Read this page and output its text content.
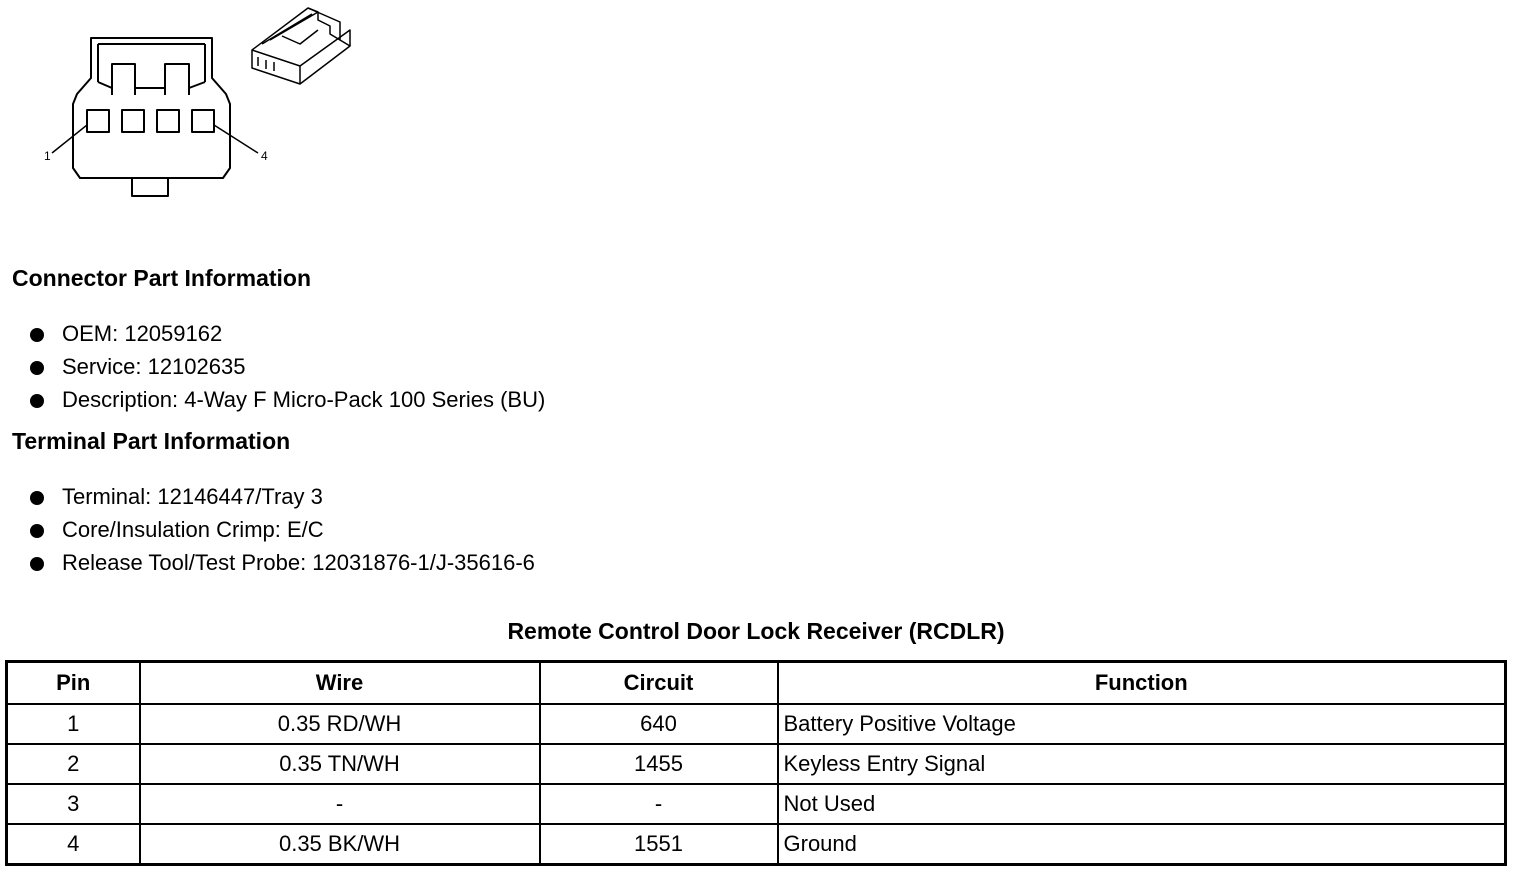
1	4
Connector Part Information
OEM: 12059162
Service: 12102635
Description: 4-Way F Micro-Pack 100 Series (BU)
Terminal Part Information
Terminal: 12146447/Tray 3
Core/Insulation Crimp: E/C
Release Tool/Test Probe: 12031876-1/J-35616-6
Remote Control Door Lock Receiver (RCDLR)
Pin	Wire	Circuit	Function
1	0.35 RD/WH	640	Battery Positive Voltage
2	0.35 TN/WH	1455	Keyless Entry Signal
3	-	-	Not Used
4	0.35 BK/WH	1551	Ground
